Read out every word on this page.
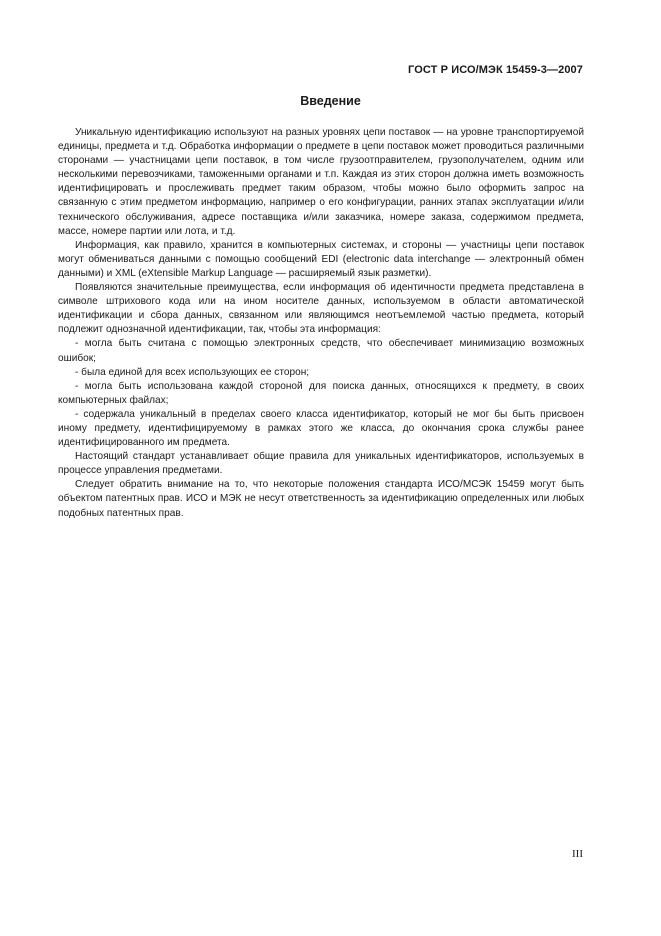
ГОСТ Р ИСО/МЭК 15459-3—2007
Введение

Уникальную идентификацию используют на разных уровнях цепи поставок — на уровне транспортируемой единицы, предмета и т.д. Обработка информации о предмете в цепи поставок может проводиться различными сторонами — участницами цепи поставок, в том числе грузоотправителем, грузополучателем, одним или несколькими перевозчиками, таможенными органами и т.п. Каждая из этих сторон должна иметь возможность идентифицировать и прослеживать предмет таким образом, чтобы можно было оформить запрос на связанную с этим предметом информацию, например о его конфигурации, ранних этапах эксплуатации и/или технического обслуживания, адресе поставщика и/или заказчика, номере заказа, содержимом предмета, массе, номере партии или лота, и т.д.

Информация, как правило, хранится в компьютерных системах, и стороны — участницы цепи поставок могут обмениваться данными с помощью сообщений EDI (electronic data interchange — электронный обмен данными) и XML (eXtensible Markup Language — расширяемый язык разметки).

Появляются значительные преимущества, если информация об идентичности предмета представлена в символе штрихового кода или на ином носителе данных, используемом в области автоматической идентификации и сбора данных, связанном или являющимся неотъемлемой частью предмета, который подлежит однозначной идентификации, так, чтобы эта информация:

- могла быть считана с помощью электронных средств, что обеспечивает минимизацию возможных ошибок;

- была единой для всех использующих ее сторон;

- могла быть использована каждой стороной для поиска данных, относящихся к предмету, в своих компьютерных файлах;

- содержала уникальный в пределах своего класса идентификатор, который не мог бы быть присвоен иному предмету, идентифицируемому в рамках этого же класса, до окончания срока службы ранее идентифицированного им предмета.

Настоящий стандарт устанавливает общие правила для уникальных идентификаторов, используемых в процессе управления предметами.

Следует обратить внимание на то, что некоторые положения стандарта ИСО/МСЭК 15459 могут быть объектом патентных прав. ИСО и МЭК не несут ответственность за идентификацию определенных или любых подобных патентных прав.

III
